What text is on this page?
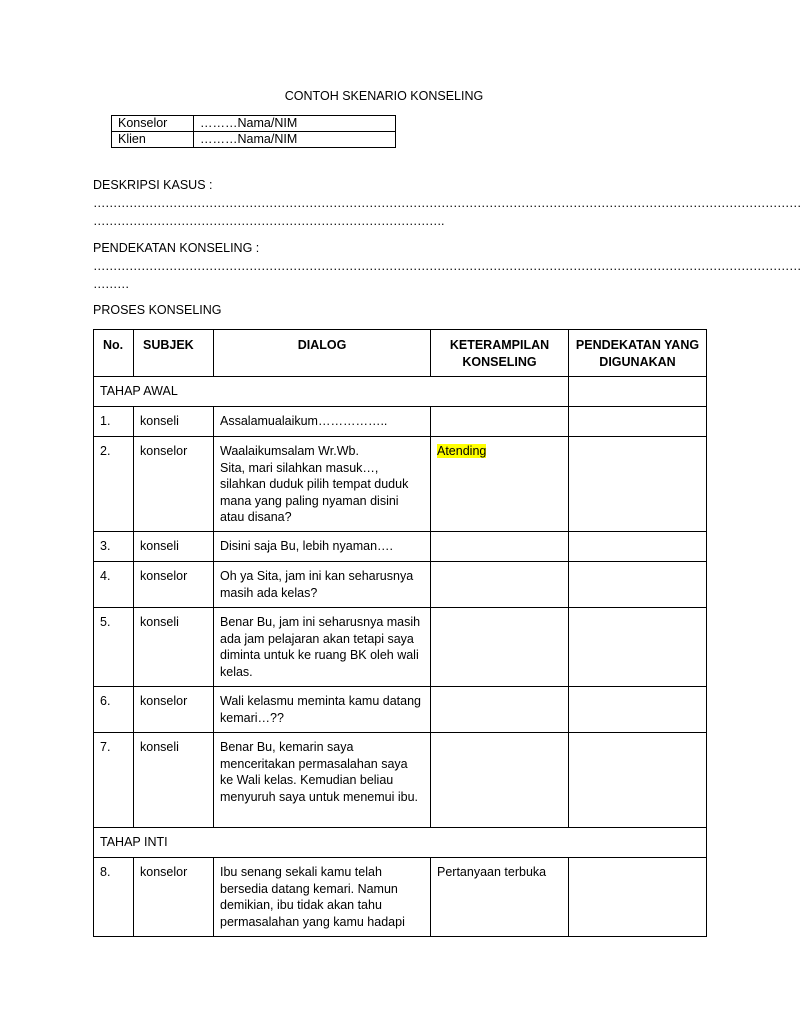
CONTOH SKENARIO KONSELING
Konselor	………Nama/NIM
Klien	………Nama/NIM
DESKRIPSI KASUS :
……………………………………………………………………………………………………………………………………………………………
…………………………………………………………………………….
PENDEKATAN KONSELING :
……………………………………………………………………………………………………………………………………………………………
………
PROSES KONSELING
No.	SUBJEK	DIALOG	KETERAMPILAN KONSELING	PENDEKATAN YANG DIGUNAKAN
TAHAP AWAL				
1.	konseli	Assalamualaikum……………..		
2.	konselor	Waalaikumsalam Wr.Wb.
Sita, mari silahkan masuk…, silahkan duduk pilih tempat duduk mana yang paling nyaman disini atau disana?	Atending	
3.	konseli	Disini saja Bu, lebih nyaman….		
4.	konselor	Oh ya Sita, jam ini kan seharusnya masih ada kelas?		
5.	konseli	Benar Bu, jam ini seharusnya masih ada jam pelajaran akan tetapi saya diminta untuk ke ruang BK oleh wali kelas.		
6.	konselor	Wali kelasmu meminta kamu datang kemari…??		
7.	konseli	Benar Bu, kemarin saya menceritakan permasalahan saya ke Wali kelas. Kemudian beliau menyuruh saya untuk menemui ibu.		
TAHAP INTI				
8.	konselor	Ibu senang sekali kamu telah bersedia datang kemari. Namun demikian, ibu tidak akan tahu permasalahan yang kamu hadapi	Pertanyaan terbuka	
